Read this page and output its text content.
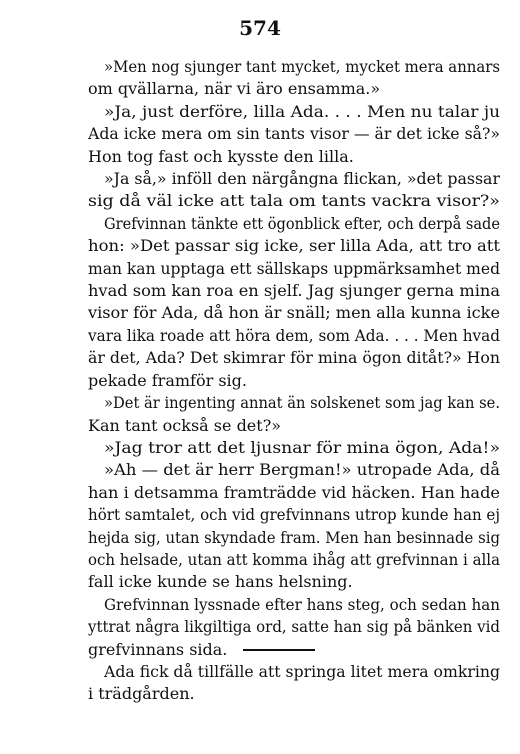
574
»Men nog sjunger tant mycket, mycket mera annars
om qvällarna, när vi äro ensamma.»
»Ja, just derföre, lilla Ada. . . . Men nu talar ju
Ada icke mera om sin tants visor — är det icke så?»
Hon tog fast och kysste den lilla.
»Ja så,» inföll den närgångna flickan, »det passar
sig då väl icke att tala om tants vackra visor?»
Grefvinnan tänkte ett ögonblick efter, och derpå sade
hon: »Det passar sig icke, ser lilla Ada, att tro att
man kan upptaga ett sällskaps uppmärksamhet med
hvad som kan roa en sjelf. Jag sjunger gerna mina
visor för Ada, då hon är snäll; men alla kunna icke
vara lika roade att höra dem, som Ada. . . . Men hvad
är det, Ada? Det skimrar för mina ögon ditåt?» Hon
pekade framför sig.
»Det är ingenting annat än solskenet som jag kan se.
Kan tant också se det?»
»Jag tror att det ljusnar för mina ögon, Ada!»
»Ah — det är herr Bergman!» utropade Ada, då
han i detsamma framträdde vid häcken. Han hade
hört samtalet, och vid grefvinnans utrop kunde han ej
hejda sig, utan skyndade fram. Men han besinnade sig
och helsade, utan att komma ihåg att grefvinnan i alla
fall icke kunde se hans helsning.
Grefvinnan lyssnade efter hans steg, och sedan han
yttrat några likgiltiga ord, satte han sig på bänken vid
grefvinnans sida.
Ada fick då tillfälle att springa litet mera omkring
i trädgården.
